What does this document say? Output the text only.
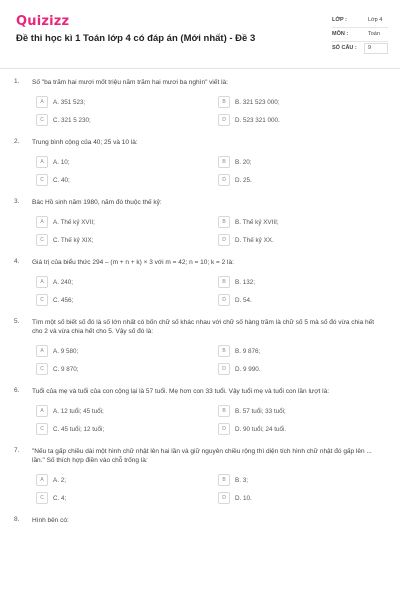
Quizizz
Đề thi học kì 1 Toán lớp 4 có đáp án (Mới nhất) - Đề 3
LỚP :	Lớp 4
MÔN :	Toán
SỐ CÂU : 9
1. Số "ba trăm hai mươi mốt triệu năm trăm hai mươi ba nghìn" viết là:
A	A. 351 523;	B	B. 321 523 000;
C	C. 321 5 230;	D	D. 523 321 000.
2. Trung bình cộng của 40; 25 và 10 là:
A	A. 10;	B	B. 20;
C	C. 40;	D	D. 25.
3. Bác Hồ sinh năm 1980, năm đó thuộc thế kỷ:
A	A. Thế kỷ XVII;	B	B. Thế kỷ XVIII;
C	C. Thế kỷ XIX;	D	D. Thế kỷ XX.
4. Giá trị của biểu thức 294 – (m + n + k) × 3 với m = 42; n = 10; k = 2 là:
A	A. 240;	B	B. 132;
C	C. 456;	D	D. 54.
5. Tìm một số biết số đó là số lớn nhất có bốn chữ số khác nhau với chữ số hàng trăm là chữ số 5 mà số đó vừa chia hết cho 2 và vừa chia hết cho 5. Vậy số đó là:
A	A. 9 580;	B	B. 9 876;
C	C. 9 870;	D	D. 9 990.
6. Tuổi của mẹ và tuổi của con cộng lại là 57 tuổi. Mẹ hơn con 33 tuổi. Vậy tuổi mẹ và tuổi con lần lượt là:
A	A. 12 tuổi; 45 tuổi;	B	B. 57 tuổi; 33 tuổi;
C	C. 45 tuổi; 12 tuổi;	D	D. 90 tuổi; 24 tuổi.
7. "Nếu ta gấp chiều dài một hình chữ nhật lên hai lần và giữ nguyên chiều rộng thì diện tích hình chữ nhật đó gấp lên ... lần." Số thích hợp điền vào chỗ trống là:
A	A. 2;	B	B. 3;
C	C. 4;	D	D. 10.
8. Hình bên có:
